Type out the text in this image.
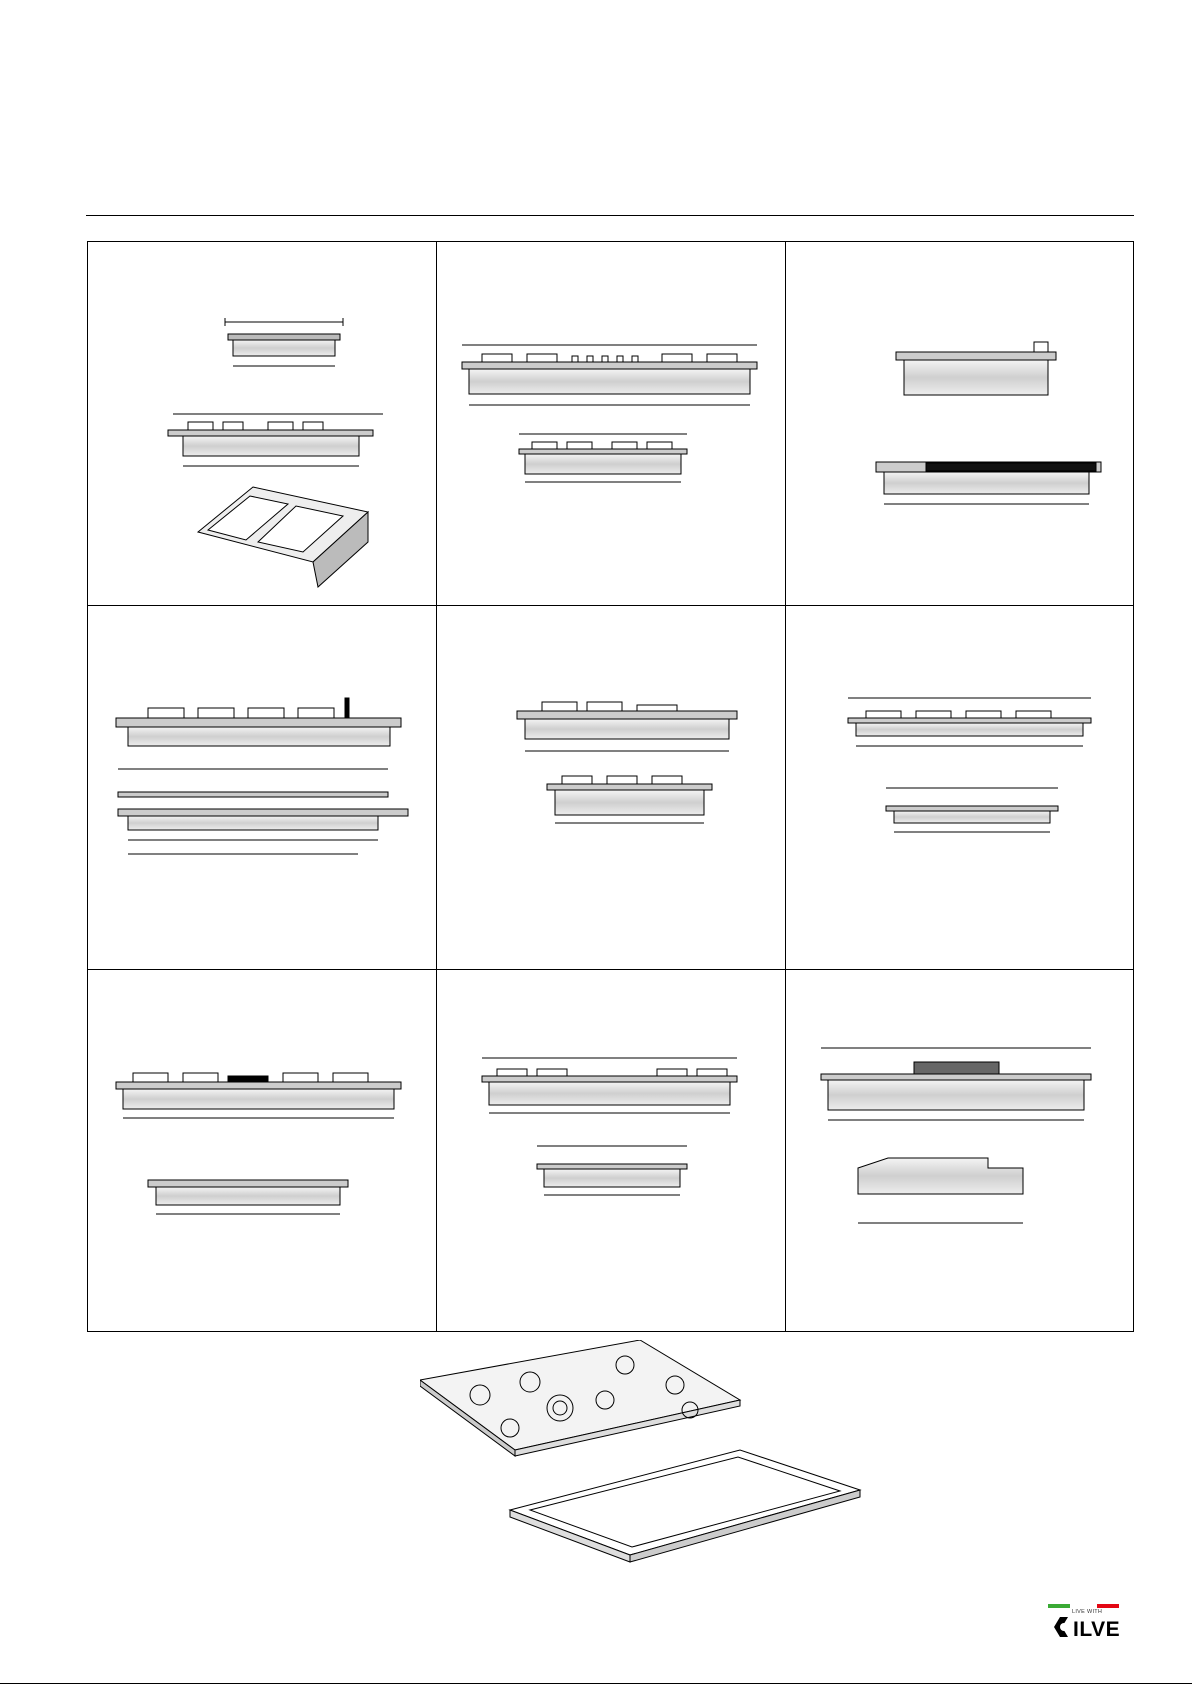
LIVE WITH
ILVE
